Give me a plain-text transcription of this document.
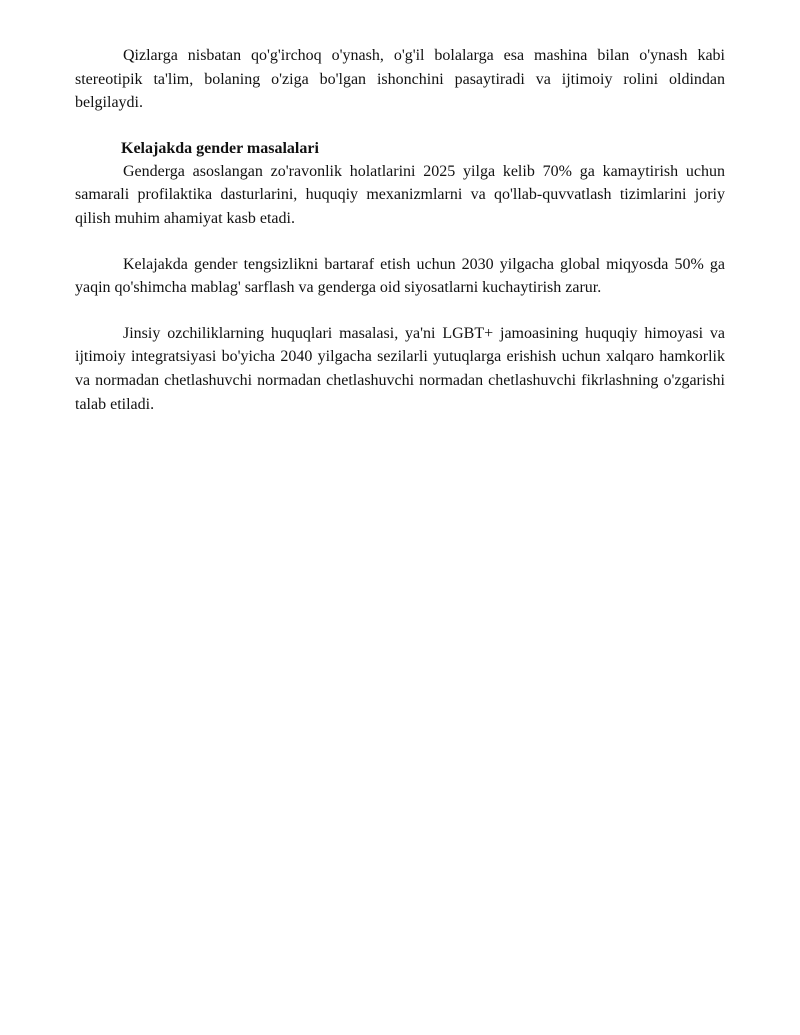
Qizlarga nisbatan qo'g'irchoq o'ynash, o'g'il bolalarga esa mashina bilan o'ynash kabi stereotipik ta'lim, bolaning o'ziga bo'lgan ishonchini pasaytiradi va ijtimoiy rolini oldindan belgilaydi.

Kelajakda gender masalalari

Genderga asoslangan zo'ravonlik holatlarini 2025 yilga kelib 70% ga kamaytirish uchun samarali profilaktika dasturlarini, huquqiy mexanizmlarni va qo'llab-quvvatlash tizimlarini joriy qilish muhim ahamiyat kasb etadi.

Kelajakda gender tengsizlikni bartaraf etish uchun 2030 yilgacha global miqyosda 50% ga yaqin qo'shimcha mablag' sarflash va genderga oid siyosatlarni kuchaytirish zarur.

Jinsiy ozchiliklarning huquqlari masalasi, ya'ni LGBT+ jamoasining huquqiy himoyasi va ijtimoiy integratsiyasi bo'yicha 2040 yilgacha sezilarli yutuqlarga erishish uchun xalqaro hamkorlik va normadan chetlashuvchi normadan chetlashuvchi normadan chetlashuvchi fikrlashning o'zgarishi talab etiladi.
